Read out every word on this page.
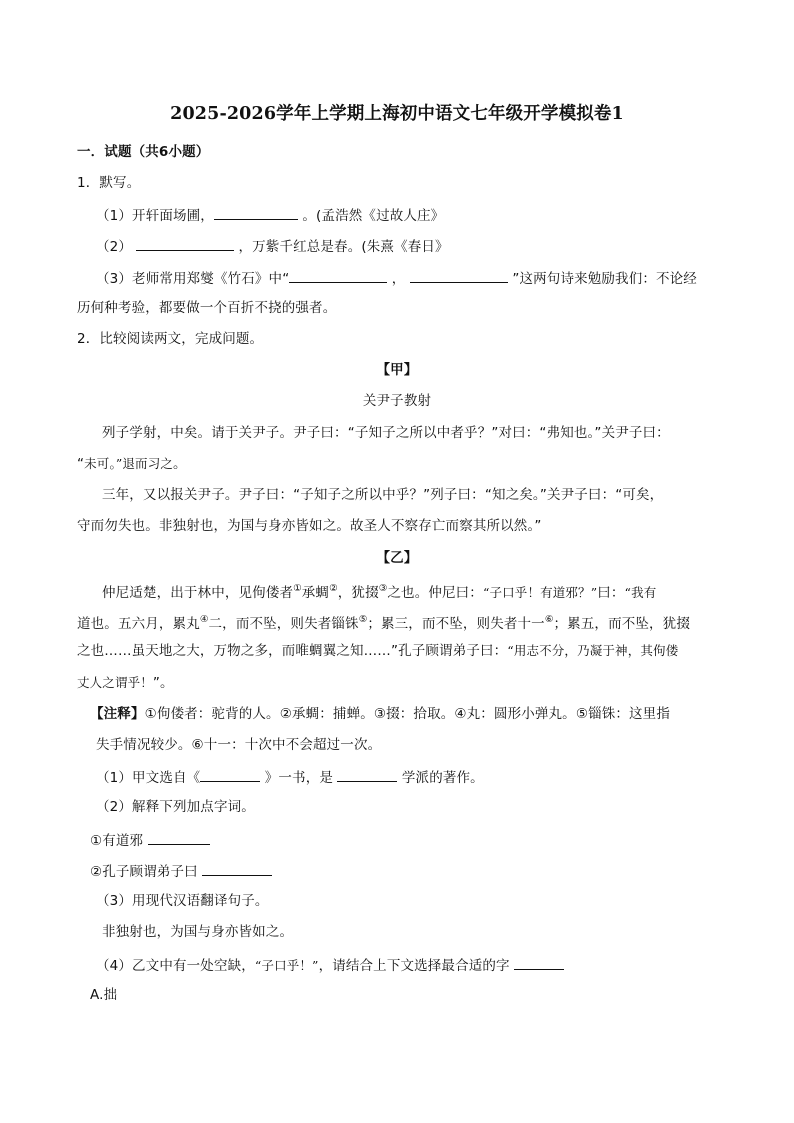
2025-2026学年上学期上海初中语文七年级开学模拟卷1
一．试题（共6小题）
1．默写。
（1）开轩面场圃，	。(孟浩然《过故人庄》
（2）	，万紫千红总是春。(朱熹《春日》
（3）老师常用郑燮《竹石》中“	，	”这两句诗来勉励我们：不论经
历何种考验，都要做一个百折不挠的强者。
2．比较阅读两文，完成问题。
【甲】
关尹子教射
列子学射，中矣。请于关尹子。尹子曰：“子知子之所以中者乎？”对曰：“弗知也。”关尹子曰：
“未可。”退而习之。
三年，又以报关尹子。尹子曰：“子知子之所以中乎？”列子曰：“知之矣。”关尹子曰：“可矣，
守而勿失也。非独射也，为国与身亦皆如之。故圣人不察存亡而察其所以然。”
【乙】
仲尼适楚，出于林中，见佝偻者①承蜩②，犹掇③之也。仲尼曰：“子口乎！有道邪？”曰：“我有
道也。五六月，累丸④二，而不坠，则失者锱铢⑤；累三，而不坠，则失者十一⑥；累五，而不坠，犹掇
之也……虽天地之大，万物之多，而唯蜩翼之知……”孔子顾谓弟子曰：“用志不分，乃凝于神，其佝偻
丈人之谓乎！”。
【注释】①佝偻者：驼背的人。②承蜩：捕蝉。③掇：拾取。④丸：圆形小弹丸。⑤锱铢：这里指
失手情况较少。⑥十一：十次中不会超过一次。
（1）甲文选自《	》一书，是	学派的著作。
（2）解释下列加点字词。
①有道邪
②孔子顾谓弟子曰
（3）用现代汉语翻译句子。
非独射也，为国与身亦皆如之。
（4）乙文中有一处空缺，“子口乎！”，请结合上下文选择最合适的字
A.拙
